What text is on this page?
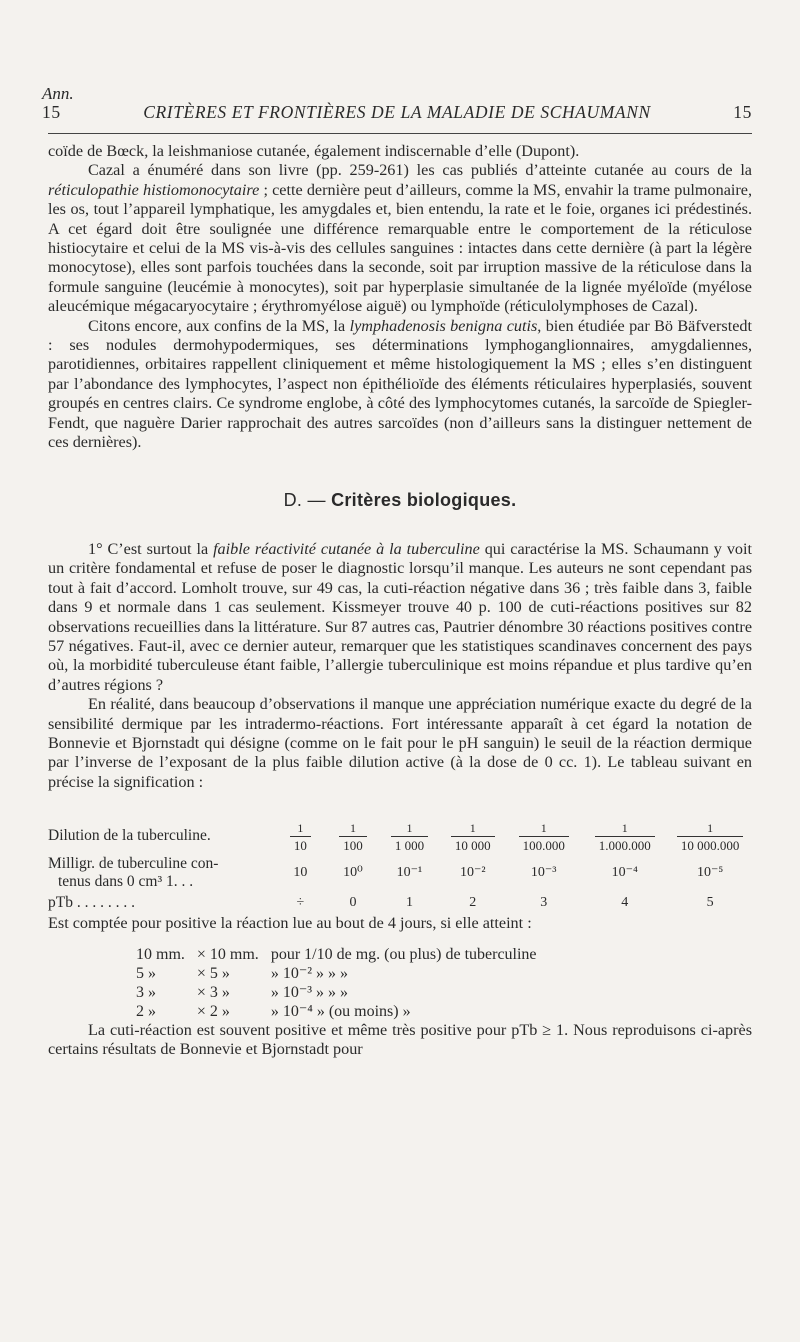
Ann.
15	CRITÈRES ET FRONTIÈRES DE LA MALADIE DE SCHAUMANN	15

coïde de Bœck, la leishmaniose cutanée, également indiscernable d’elle (Dupont).

Cazal a énuméré dans son livre (pp. 259-261) les cas publiés d’atteinte cutanée au cours de la réticulopathie histiomonocytaire ; cette dernière peut d’ailleurs, comme la MS, envahir la trame pulmonaire, les os, tout l’appareil lymphatique, les amygdales et, bien entendu, la rate et le foie, organes ici prédestinés. A cet égard doit être soulignée une différence remarquable entre le comportement de la réticulose histiocytaire et celui de la MS vis-à-vis des cellules sanguines : intactes dans cette dernière (à part la légère monocytose), elles sont parfois touchées dans la seconde, soit par irruption massive de la réticulose dans la formule sanguine (leucémie à monocytes), soit par hyperplasie simultanée de la lignée myéloïde (myélose aleucémique mégacaryocytaire ; érythromyélose aiguë) ou lymphoïde (réticulolymphoses de Cazal).

Citons encore, aux confins de la MS, la lymphadenosis benigna cutis, bien étudiée par Bö Bäfverstedt : ses nodules dermohypodermiques, ses déterminations lymphoganglionnaires, amygdaliennes, parotidiennes, orbitaires rappellent cliniquement et même histologiquement la MS ; elles s’en distinguent par l’abondance des lymphocytes, l’aspect non épithélioïde des éléments réticulaires hyperplasiés, souvent groupés en centres clairs. Ce syndrome englobe, à côté des lymphocytomes cutanés, la sarcoïde de Spiegler-Fendt, que naguère Darier rapprochait des autres sarcoïdes (non d’ailleurs sans la distinguer nettement de ces dernières).

D. — Critères biologiques.

1° C’est surtout la faible réactivité cutanée à la tuberculine qui caractérise la MS. Schaumann y voit un critère fondamental et refuse de poser le diagnostic lorsqu’il manque. Les auteurs ne sont cependant pas tout à fait d’accord. Lomholt trouve, sur 49 cas, la cuti-réaction négative dans 36 ; très faible dans 3, faible dans 9 et normale dans 1 cas seulement. Kissmeyer trouve 40 p. 100 de cuti-réactions positives sur 82 observations recueillies dans la littérature. Sur 87 autres cas, Pautrier dénombre 30 réactions positives contre 57 négatives. Faut-il, avec ce dernier auteur, remarquer que les statistiques scandinaves concernent des pays où, la morbidité tuberculeuse étant faible, l’allergie tuberculinique est moins répandue et plus tardive qu’en d’autres régions ?

En réalité, dans beaucoup d’observations il manque une appréciation numérique exacte du degré de la sensibilité dermique par les intradermo-réactions. Fort intéressante apparaît à cet égard la notation de Bonnevie et Bjornstadt qui désigne (comme on le fait pour le pH sanguin) le seuil de la réaction dermique par l’inverse de l’exposant de la plus faible dilution active (à la dose de 0 cc. 1). Le tableau suivant en précise la signification :

Dilution de la tuberculine.	$\frac{1}{10}$	$\frac{1}{100}$	$\frac{1}{1 000}$	$\frac{1}{10 000}$	$\frac{1}{100.000}$	$\frac{1}{1.000.000}$	$\frac{1}{10 000.000}$

Milligr. de tuberculine con-
tenus dans 0 cm³ 1. . .	10	10⁰	10⁻¹	10⁻²	10⁻³	10⁻⁴	10⁻⁵
pTb . . . . . . . .	÷	0	1	2	3	4	5

Est comptée pour positive la réaction lue au bout de 4 jours, si elle atteint :

10 mm.	× 10 mm.	pour 1/10 de mg. (ou plus) de tuberculine
5 »	× 5 »	» 10⁻² » » »
3 »	× 3 »	» 10⁻³ » » »
2 »	× 2 »	» 10⁻⁴ » (ou moins) »

La cuti-réaction est souvent positive et même très positive pour pTb ≥ 1. Nous reproduisons ci-après certains résultats de Bonnevie et Bjornstadt pour
